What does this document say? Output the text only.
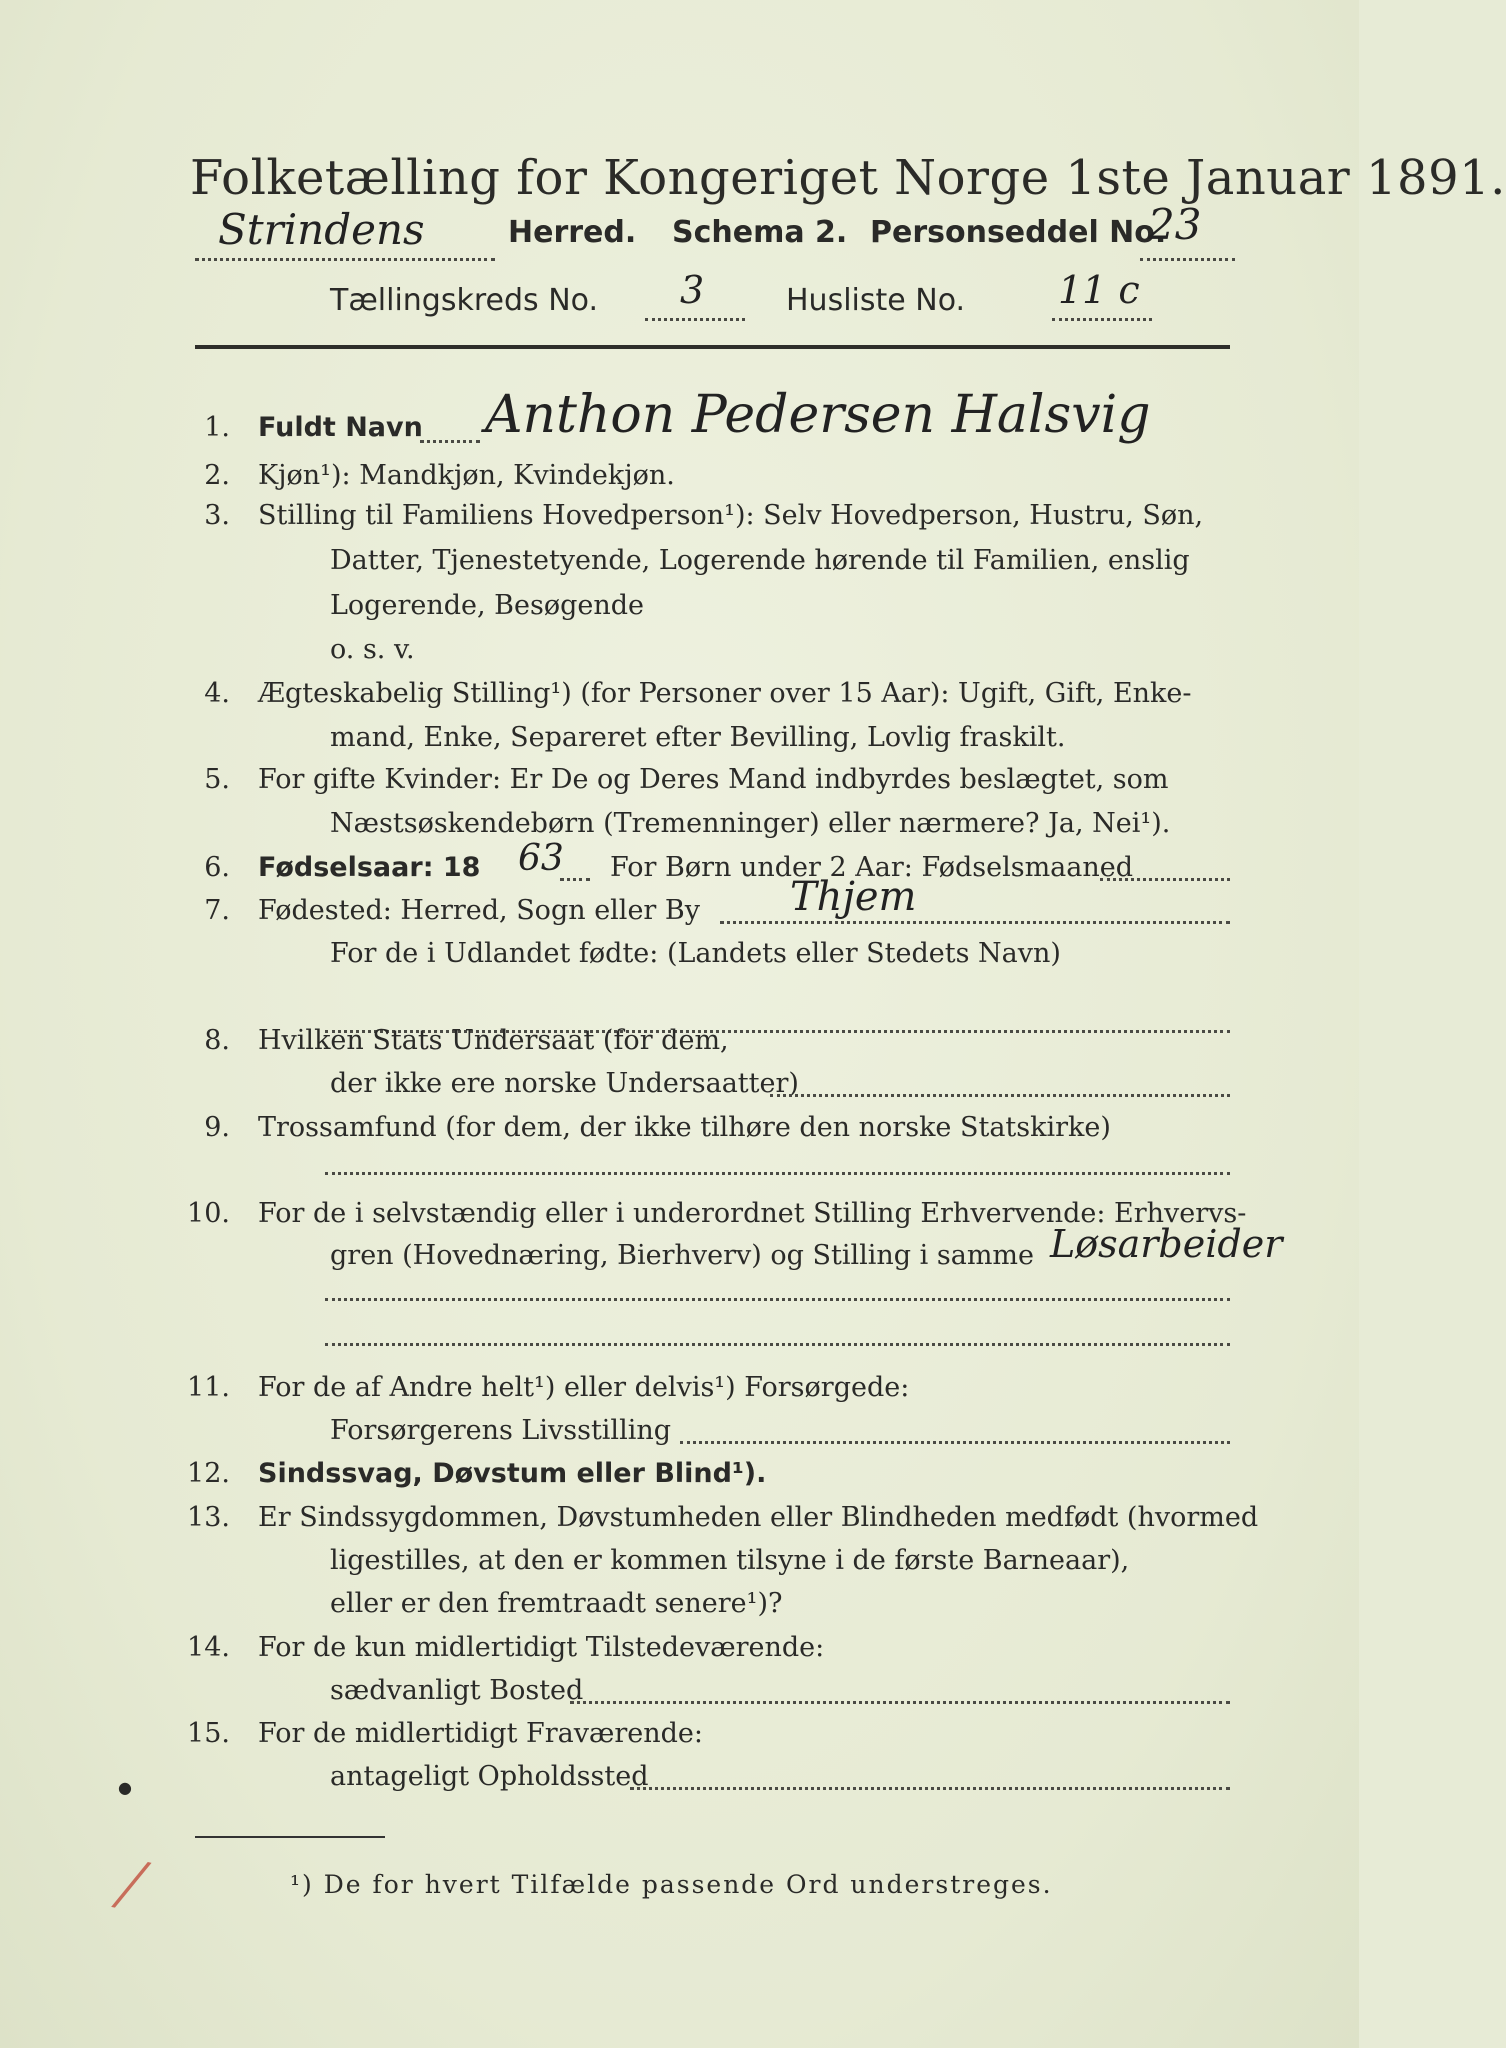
Folketælling for Kongeriget Norge 1ste Januar 1891.
Strindens	Herred. Schema 2. Personseddel No.
23
Tællingskreds No. 3	Husliste No. 11 c
1. Fuldt Navn Anthon Pedersen Halsvig
2. Kjøn¹): Mandkjøn, Kvindekjøn.
3. Stilling til Familiens Hovedperson¹): Selv Hovedperson, Hustru, Søn,
Datter, Tjenestetyende, Logerende hørende til Familien, enslig
Logerende, Besøgende
o. s. v.
4. Ægteskabelig Stilling¹) (for Personer over 15 Aar): Ugift, Gift, Enke-
mand, Enke, Separeret efter Bevilling, Lovlig fraskilt.
5. For gifte Kvinder: Er De og Deres Mand indbyrdes beslægtet, som
Næstsøskendebørn (Tremenninger) eller nærmere? Ja, Nei¹).
6. Fødselsaar: 18 63 For Børn under 2 Aar: Fødselsmaaned
7. Fødested: Herred, Sogn eller By Thjem
For de i Udlandet fødte: (Landets eller Stedets Navn)
8. Hvilken Stats Undersaat (for dem,
der ikke ere norske Undersaatter)
9. Trossamfund (for dem, der ikke tilhøre den norske Statskirke)
10. For de i selvstændig eller i underordnet Stilling Erhvervende: Erhvervs-
gren (Hovednæring, Bierhverv) og Stilling i samme Løsarbeider
11. For de af Andre helt¹) eller delvis¹) Forsørgede:
Forsørgerens Livsstilling
12. Sindssvag, Døvstum eller Blind¹).
13. Er Sindssygdommen, Døvstumheden eller Blindheden medfødt (hvormed
ligestilles, at den er kommen tilsyne i de første Barneaar),
eller er den fremtraadt senere¹)?
14. For de kun midlertidigt Tilstedeværende:
sædvanligt Bosted
15. For de midlertidigt Fraværende:
antageligt Opholdssted
●
¹) De for hvert Tilfælde passende Ord understreges.
╱
